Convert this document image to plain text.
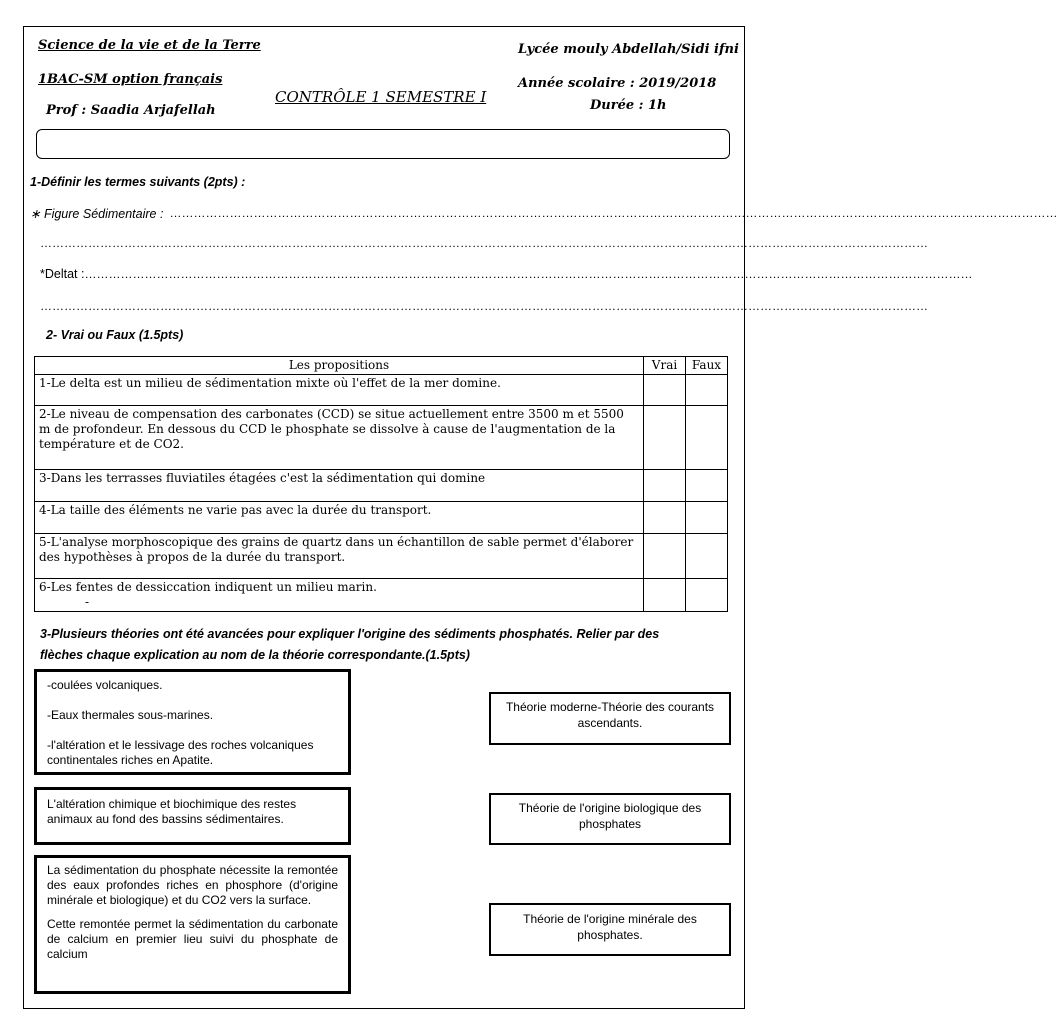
Science de la vie et de la Terre
1BAC-SM option français
Prof : Saadia Arjafellah
CONTRÔLE 1 SEMESTRE I
Lycée mouly Abdellah/Sidi ifni
Année scolaire : 2019/2018
Durée : 1h
1-Définir les termes suivants (2pts) :
∗ Figure Sédimentaire : ……………………………………………………………………………………………………………………………………………………………………………………………………
……………………………………………………………………………………………………………………………………………………………………………………………………
*Deltat : ……………………………………………………………………………………………………………………………………………………………………………………………………
……………………………………………………………………………………………………………………………………………………………………………………………………
2- Vrai ou Faux (1.5pts)
Les propositions	Vrai	Faux
1-Le delta est un milieu de sédimentation mixte où l'effet de la mer domine.		
2-Le niveau de compensation des carbonates (CCD) se situe actuellement entre 3500 m et 5500 m de profondeur. En dessous du CCD le phosphate se dissolve à cause de l'augmentation de la température et de CO2.		
3-Dans les terrasses fluviatiles étagées c'est la sédimentation qui domine		
4-La taille des éléments ne varie pas avec la durée du transport.		
5-L'analyse morphoscopique des grains de quartz dans un échantillon de sable permet d'élaborer des hypothèses à propos de la durée du transport.		

6-Les fentes de dessiccation indiquent un milieu marin.
-		

3-Plusieurs théories ont été avancées pour expliquer l'origine des sédiments phosphatés. Relier par des
flèches chaque explication au nom de la théorie correspondante.(1.5pts)
-coulées volcaniques.
-Eaux thermales sous-marines.
-l'altération et le lessivage des roches volcaniques continentales riches en Apatite.
L'altération chimique et biochimique des restes animaux au fond des bassins sédimentaires.
La sédimentation du phosphate nécessite la remontée des eaux profondes riches en phosphore (d'origine minérale et biologique) et du CO2 vers la surface.
Cette remontée permet la sédimentation du carbonate de calcium en premier lieu suivi du phosphate de calcium
Théorie moderne-Théorie des courants ascendants.
Théorie de l'origine biologique des phosphates
Théorie de l'origine minérale des phosphates.
